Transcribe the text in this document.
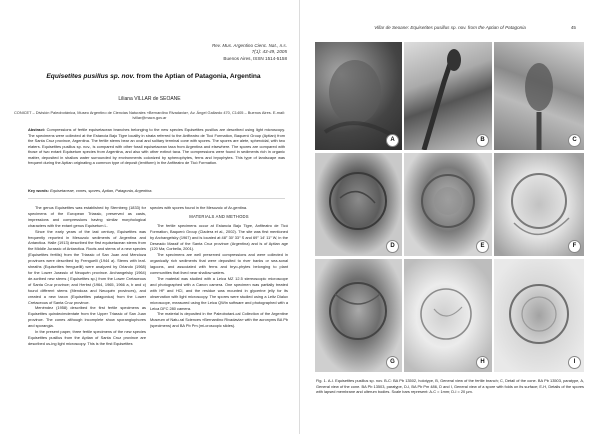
Rev. Mus. Argentino Cienc. Nat., n.s.
7(1): 43-49, 2005
Buenos Aires, ISSN 1514-5158
Equisetites pusillus sp. nov. from the Aptian of Patagonia, Argentina
Liliana VILLAR de SEOANE
CONICET – División Paleobotánica, Museo Argentino de Ciencias Naturales «Bernardino Rivadavia», Av. Ángel Gallardo 470, C1405 – Buenos Aires. E-mail: lvillar@macn.gov.ar
Abstract: Compressions of fertile equisetacean branches belonging to the new species Equisetites pusillus are described using light microscopy. The specimens were collected at the Estancia Bajo Tigre locality in strata referred to the Anfiteatro de Ticó Formation, Baqueró Group (Aptian) from the Santa Cruz province, Argentina. The fertile stems bear an oval and solitary terminal cone with spores. The spores are alete, spheroidal, with two elaters. Equisetites pusillus sp. nov., is compared with other fossil equisetacean taxa from Argentina and elsewhere. The spores are compared with those of two extant Equisetum species from Argentina, and also with other extinct taxa. The compressions were found in sediments rich in organic matter, deposited in shallow water surrounded by environments colonized by sphenophytes, ferns and bryophytes. This type of landscape was frequent during the Aptian originating a common type of deposit (lentiform) in the Anfiteatro de Ticó Formation.
Key words: Equisetaceae, cones, spores, Aptian, Patagonia, Argentina.

The genus Equisetites was established by Sternberg (1833) for specimens of the European Triassic, preserved as casts, impressions and compressions having similar morphological characters with the extant genus Equisetum L.

Since the early years of the last century, Equisetites was frequently reported in Mesozoic sediments of Argentina and Antarctica. Halle (1913) described the first equisetacean stems from the Middle Jurassic of Antarctica. Roots and stems of a new species (Equisetites fertilis) from the Triassic of San Juan and Mendoza provinces were described by Frenguelli (1944 a). Stems with leaf-sheaths (Equisetites frenguellii) were analyzed by Orlando (1968) for the Lower Jurassic of Neuquén province. Archangelsky (1964) de-scribed new stems ( Equisetites sp.) from the Lower Cretaceous of Santa Cruz province; and Herbst (1964, 1965, 1966 a, b and c) found different stems (Mendoza and Neuquén provinces), and created a new taxon (Equisetites patagonica) from the Lower Cretaceous of Santa Cruz province.

Menéndez (1958) described the first fertile specimens as Equisetites quindecimdentate from the Upper Triassic of San Juan province. The cones although incomplete show sporangiophores and sporangia.

In the present paper, three fertile specimens of the new species Equisetites pusillus from the Aptian of Santa Cruz province are described us-ing light microscopy. This is the first Equisetites

species with spores found in the Mesozoic of Ar-gentina.

MATERIALS AND METHODS

The fertile specimens occur at Estancia Bajo Tigre, Anfiteatro de Ticó Formation, Baqueró Group (Cladera et al., 2002). The site was first mentioned by Archangelsky (1967) and is located at 48° 30′ 33″ S and 69° 14′ 11″ W, in the Deseado Massif of the Santa Cruz province (Argentina) and is of Aptian age (120 Ma; Corbella, 2001).

The specimens are well preserved compressions and were collected in organically rich sediments that were deposited to river banks or sea-sonal lagoons, and associated with ferns and bryo-phytes belonging to plant communities that lived near shallow waters.

The material was studied with a Leica MZ 12.5 stereoscopic microscope and photographed with a Canon camera. One specimen was partially treated with HF and HCl, and the residue was mounted in glycerine jelly for its observation with light microscopy. The spores were studied using a Leitz Dialux microscope, measured using the Leica QWin software and photographed with a Leica DFC 280 camera.

The material is deposited in the Paleobotani-cal Collection of the Argentine Museum of Natu-ral Sciences «Bernardino Rivadavia» with the acronyms BA Pb (specimens) and BA Pb Pm (mi-croscopic slides).

Villar de Seoane: Equisetites pusillus sp. nov. from the Aptian of Patagonia	45
A	B	C
D	E	F
G	H	I
Fig. 1. A-I. Equisetites pusillus sp. nov. B-C: BA Pb 13502, holotype, B, General view of the fertile branch; C, Detail of the cone. BA Pb 13503, paratype, A, General view of the cone. BA Pb 13503, paratype, D-I, BA Pb Pm 486, D and I, General view of a spore with folds on its surface; E-H, Details of the spores with lapsed membrane and ulterum bodies. Scale bars represent: A-C = 1mm; D-I = 20 µm.
